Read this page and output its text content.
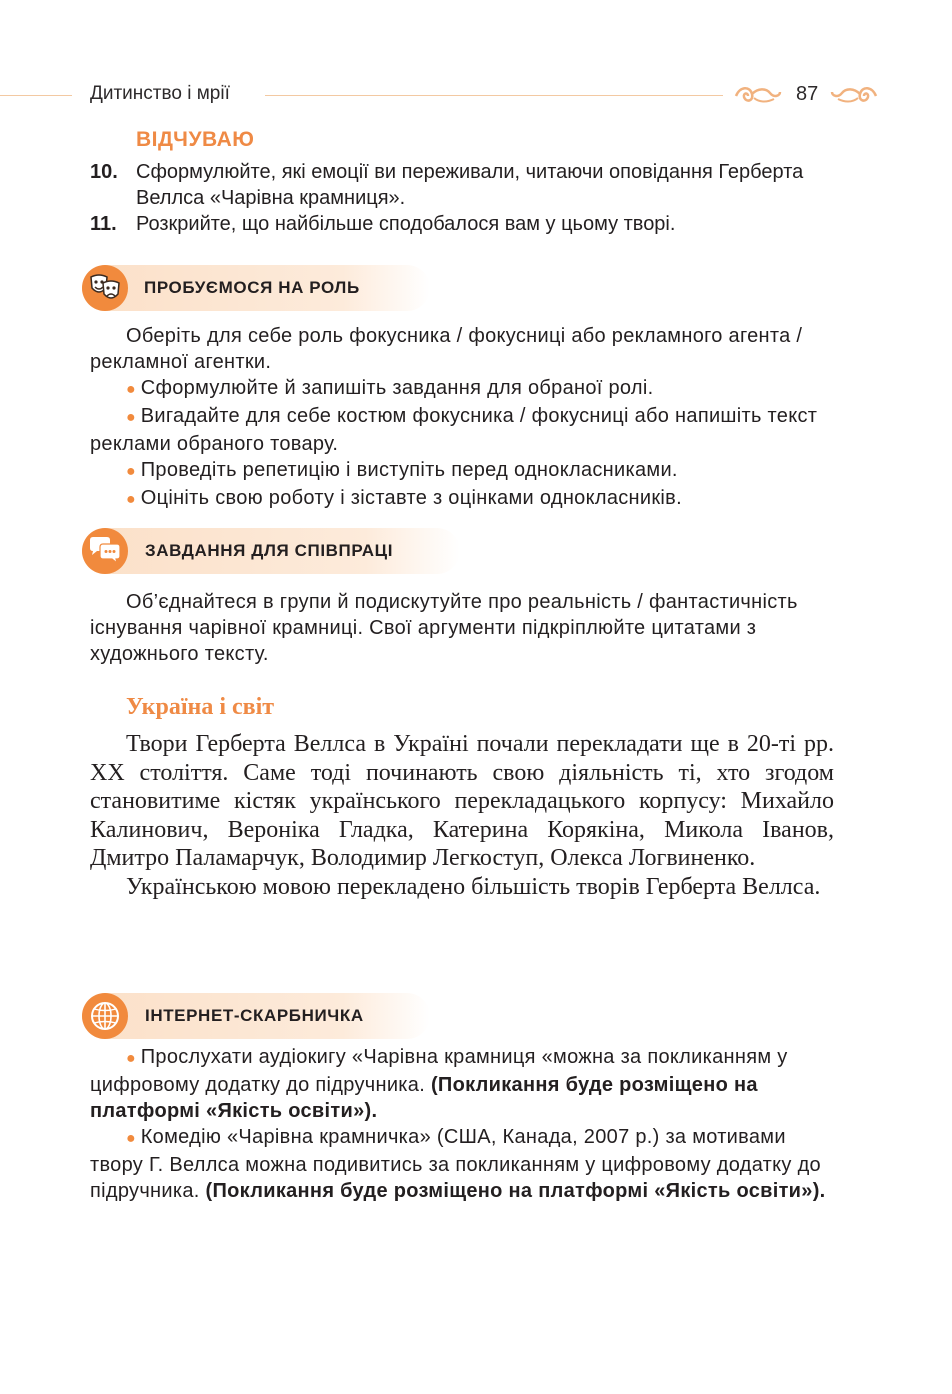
Дитинство і мрії	87
ВІДЧУВАЮ
10. Сформулюйте, які емоції ви переживали, читаючи оповідання Герберта Веллса «Чарівна крамниця».
11. Розкрийте, що найбільше сподобалося вам у цьому творі.
ПРОБУЄМОСЯ НА РОЛЬ
Оберіть для себе роль фокусника / фокусниці або рекламного агента / рекламної агентки.
● Сформулюйте й запишіть завдання для обраної ролі.
● Вигадайте для себе костюм фокусника / фокусниці або напишіть текст реклами обраного товару.
● Проведіть репетицію і виступіть перед однокласниками.
● Оцініть свою роботу і зіставте з оцінками однокласників.
ЗАВДАННЯ ДЛЯ СПІВПРАЦІ
Об’єднайтеся в групи й подискутуйте про реальність / фантастичність існування чарівної крамниці. Свої аргументи підкріплюйте цитатами з художнього тексту.
Україна і світ
Твори Герберта Веллса в Україні почали перекладати ще в 20-ті рр. XX століття. Саме тоді починають свою діяльність ті, хто згодом становитиме кістяк українського перекладацького корпусу: Михайло Калинович, Вероніка Гладка, Катерина Корякіна, Микола Іванов, Дмитро Паламарчук, Володимир Легкоступ, Олекса Логвиненко.
Українською мовою перекладено більшість творів Герберта Веллса.
ІНТЕРНЕТ-СКАРБНИЧКА
● Прослухати аудіокигу «Чарівна крамниця «можна за покликанням у цифровому додатку до підручника. (Покликання буде розміщено на платформі «Якість освіти»).
● Комедію «Чарівна крамничка» (США, Канада, 2007 р.) за мотивами твору Г. Веллса можна подивитись за покликанням у цифровому додатку до підручника. (Покликання буде розміщено на платформі «Якість освіти»).
